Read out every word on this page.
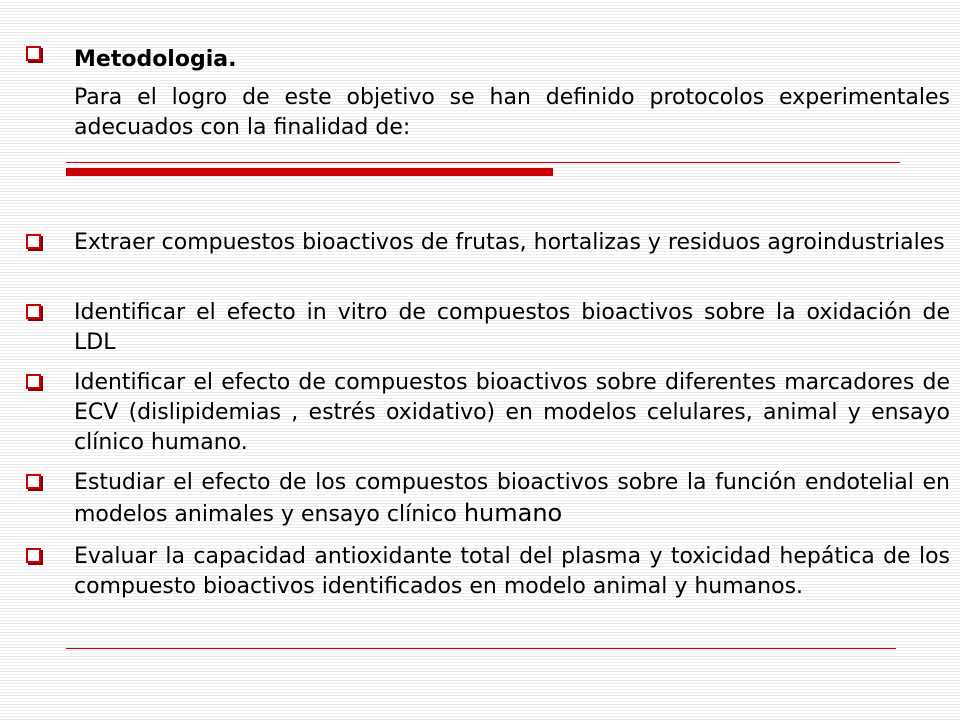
Metodologia.
Para el logro de este objetivo se han definido protocolos experimentales adecuados con la finalidad de:
Extraer compuestos bioactivos de frutas, hortalizas y residuos agroindustriales
Identificar el efecto in vitro de compuestos bioactivos sobre la oxidación de LDL
Identificar el efecto de compuestos bioactivos sobre diferentes marcadores de ECV (dislipidemias , estrés oxidativo) en modelos celulares, animal y ensayo clínico humano.
Estudiar el efecto de los compuestos bioactivos sobre la función endotelial en modelos animales y ensayo clínico humano
Evaluar la capacidad antioxidante total del plasma y toxicidad hepática de los compuesto bioactivos identificados en modelo animal y humanos.
